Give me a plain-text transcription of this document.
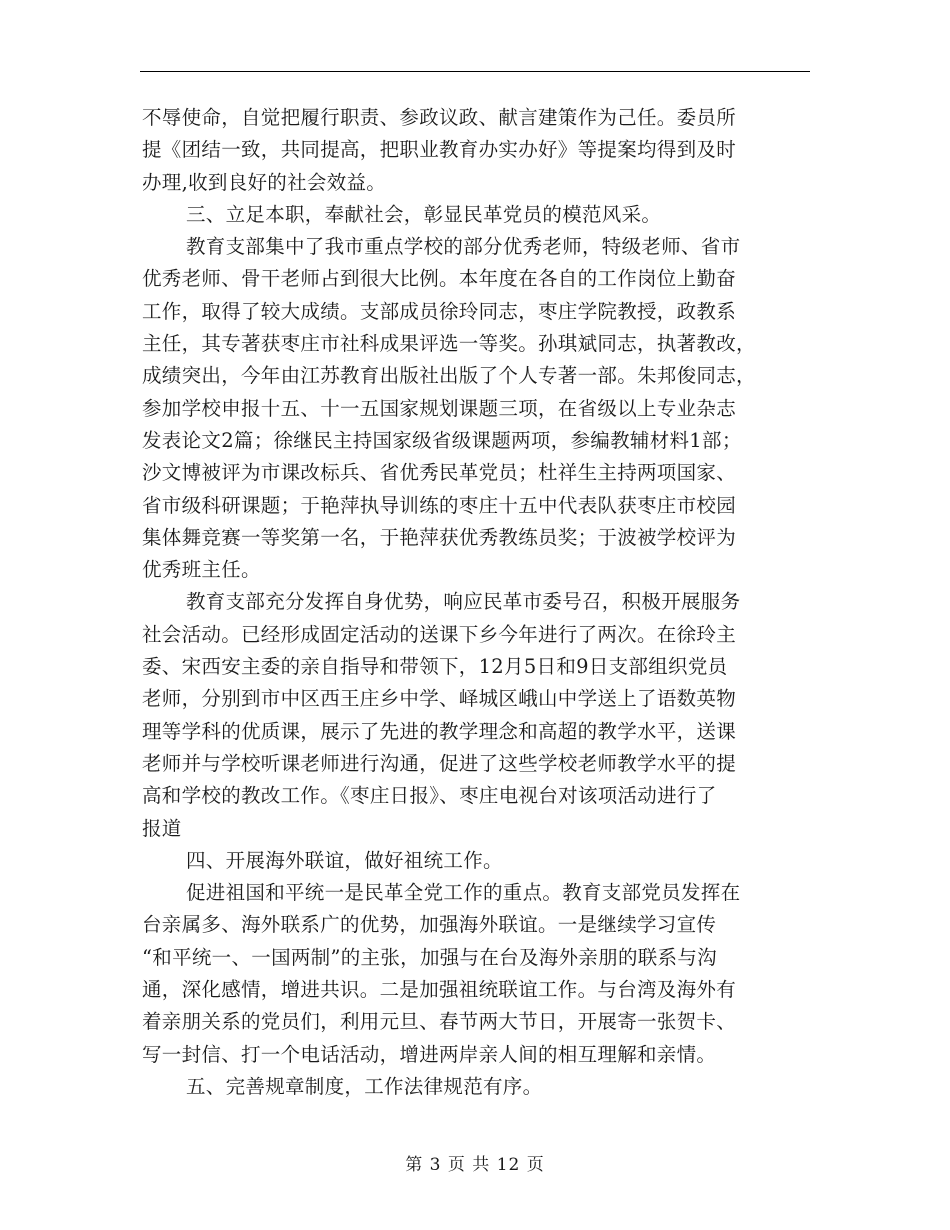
不辱使命，自觉把履行职责、参政议政、献言建策作为己任。委员所
提《团结一致，共同提高，把职业教育办实办好》等提案均得到及时
办理,收到良好的社会效益。
三、立足本职，奉献社会，彰显民革党员的模范风采。
教育支部集中了我市重点学校的部分优秀老师，特级老师、省市
优秀老师、骨干老师占到很大比例。本年度在各自的工作岗位上勤奋
工作，取得了较大成绩。支部成员徐玲同志，枣庄学院教授，政教系
主任，其专著获枣庄市社科成果评选一等奖。孙琪斌同志，执著教改，
成绩突出，今年由江苏教育出版社出版了个人专著一部。朱邦俊同志，
参加学校申报十五、十一五国家规划课题三项，在省级以上专业杂志
发表论文2篇；徐继民主持国家级省级课题两项，参编教辅材料1部；
沙文博被评为市课改标兵、省优秀民革党员；杜祥生主持两项国家、
省市级科研课题；于艳萍执导训练的枣庄十五中代表队获枣庄市校园
集体舞竞赛一等奖第一名，于艳萍获优秀教练员奖；于波被学校评为
优秀班主任。
教育支部充分发挥自身优势，响应民革市委号召，积极开展服务
社会活动。已经形成固定活动的送课下乡今年进行了两次。在徐玲主
委、宋西安主委的亲自指导和带领下，12月5日和9日支部组织党员
老师，分别到市中区西王庄乡中学、峄城区峨山中学送上了语数英物
理等学科的优质课，展示了先进的教学理念和高超的教学水平，送课
老师并与学校听课老师进行沟通，促进了这些学校老师教学水平的提
高和学校的教改工作。《枣庄日报》、枣庄电视台对该项活动进行了
报道
四、开展海外联谊，做好祖统工作。
促进祖国和平统一是民革全党工作的重点。教育支部党员发挥在
台亲属多、海外联系广的优势，加强海外联谊。一是继续学习宣传
“和平统一、一国两制”的主张，加强与在台及海外亲朋的联系与沟
通，深化感情，增进共识。二是加强祖统联谊工作。与台湾及海外有
着亲朋关系的党员们，利用元旦、春节两大节日，开展寄一张贺卡、
写一封信、打一个电话活动，增进两岸亲人间的相互理解和亲情。
五、完善规章制度，工作法律规范有序。
第 3 页 共 12 页
